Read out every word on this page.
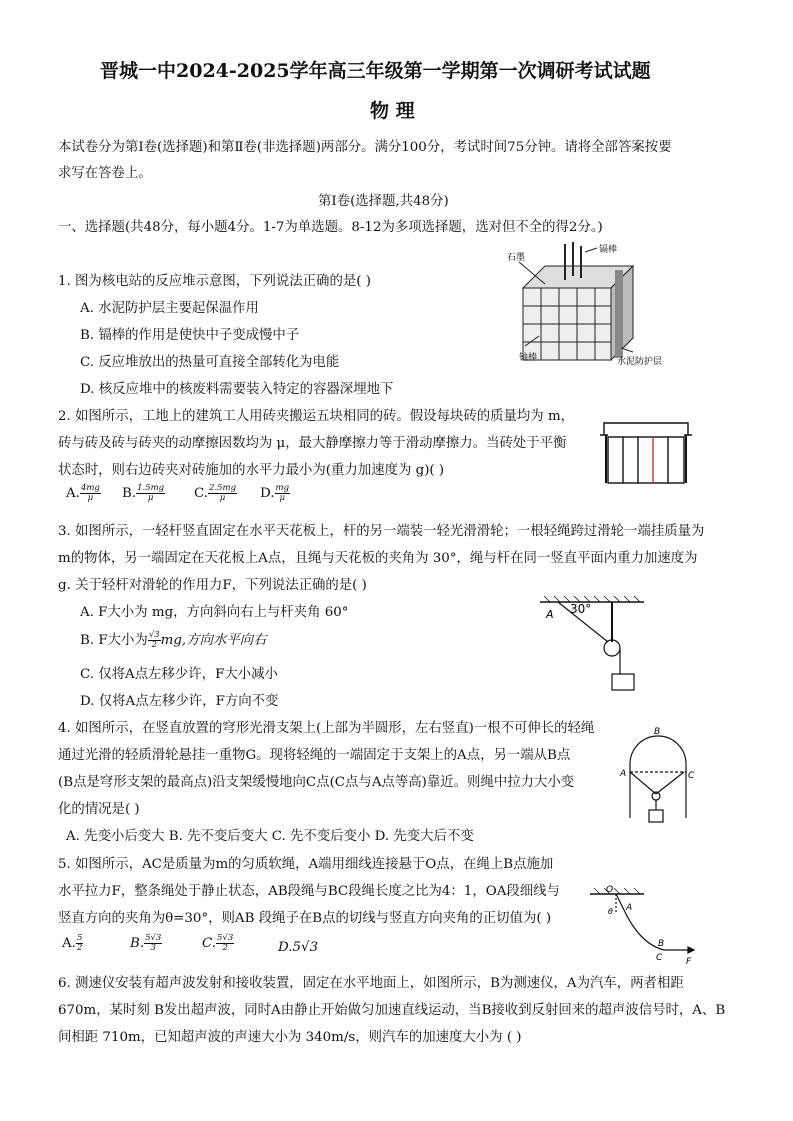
晋城一中2024-2025学年高三年级第一学期第一次调研考试试题
物 理
本试卷分为第Ⅰ卷(选择题)和第Ⅱ卷(非选择题)两部分。满分100分，考试时间75分钟。请将全部答案按要
求写在答卷上。
第Ⅰ卷(选择题,共48分)
一、选择题(共48分，每小题4分。1-7为单选题。8-12为多项选择题，选对但不全的得2分。)
1. 图为核电站的反应堆示意图，下列说法正确的是( )
A. 水泥防护层主要起保温作用
B. 镉棒的作用是使快中子变成慢中子
C. 反应堆放出的热量可直接全部转化为电能
D. 核反应堆中的核废料需要装入特定的容器深埋地下
石墨
镉棒
铀棒	水泥防护层
2. 如图所示，工地上的建筑工人用砖夹搬运五块相同的砖。假设每块砖的质量均为 m，
砖与砖及砖与砖夹的动摩擦因数均为 μ，最大静摩擦力等于滑动摩擦力。当砖处于平衡
状态时，则右边砖夹对砖施加的水平力最小为(重力加速度为 g)( )
A. $\frac{4mg}{\mu} B$. $\frac{1.5mg}{\mu} C$. $\frac{2.5mg}{\mu} D$. $\frac{mg}{\mu}$
3. 如图所示，一轻杆竖直固定在水平天花板上，杆的另一端装一轻光滑滑轮；一根轻绳跨过滑轮一端挂质量为
m的物体，另一端固定在天花板上A点，且绳与天花板的夹角为 30°，绳与杆在同一竖直平面内重力加速度为
g. 关于轻杆对滑轮的作用力F，下列说法正确的是( )
A. F大小为 mg，方向斜向右上与杆夹角 60°
B. F大小为 $\frac{√3}{2}$ mg,方向水平向右
C. 仅将A点左移少许，F大小减小
D. 仅将A点左移少许，F方向不变
30°
A
4. 如图所示，在竖直放置的穹形光滑支架上(上部为半圆形，左右竖直)一根不可伸长的轻绳
通过光滑的轻质滑轮悬挂一重物G。现将轻绳的一端固定于支架上的A点，另一端从B点
(B点是穹形支架的最高点)沿支架缓慢地向C点(C点与A点等高)靠近。则绳中拉力大小变
化的情况是( )
A. 先变小后变大 B. 先不变后变大 C. 先不变后变小 D. 先变大后不变
B
A	C
5. 如图所示，AC是质量为m的匀质软绳，A端用细线连接悬于O点，在绳上B点施加
水平拉力F，整条绳处于静止状态，AB段绳与BC段绳长度之比为4：1，OA段细线与
竖直方向的夹角为θ=30°，则AB 段绳子在B点的切线与竖直方向夹角的正切值为( )
A. $\frac{5}{2}$	B. $\frac{5√3}{3}$	C. $\frac{5√3}{2}$	D.5√3
O
θ A
B
C	F
6. 测速仪安装有超声波发射和接收装置，固定在水平地面上，如图所示，B为测速仪，A为汽车，两者相距
670m，某时刻 B发出超声波，同时A由静止开始做匀加速直线运动，当B接收到反射回来的超声波信号时，A、B
间相距 710m，已知超声波的声速大小为 340m/s，则汽车的加速度大小为 ( )
